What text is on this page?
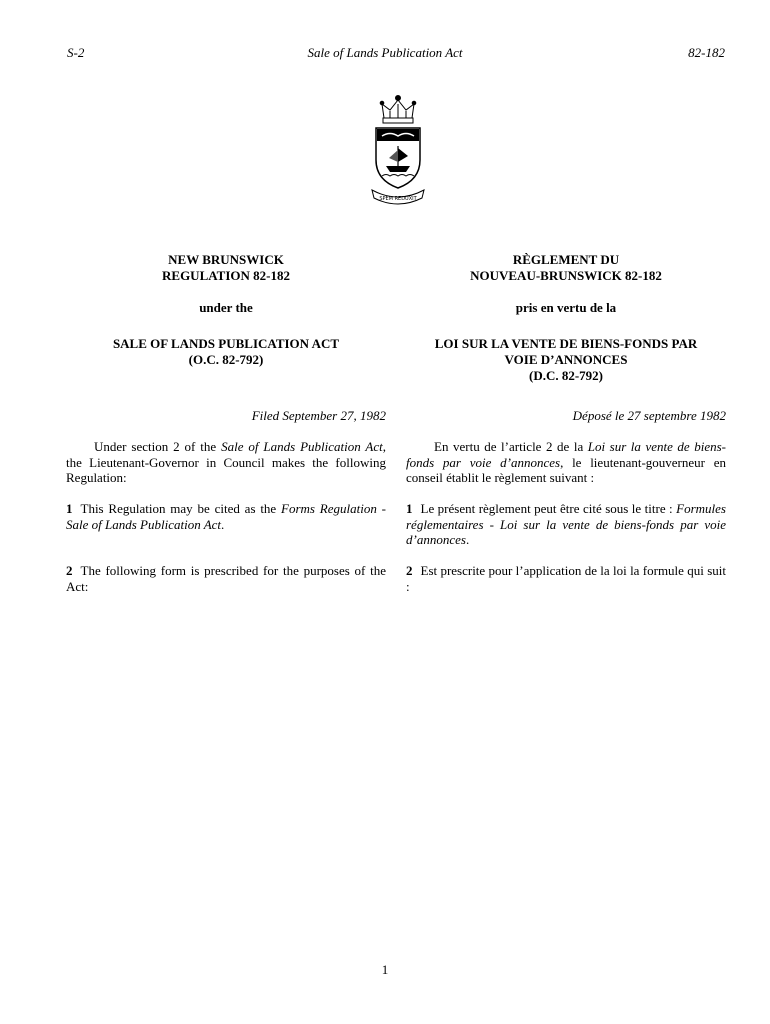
S-2	Sale of Lands Publication Act	82-182
SPEM REDUXIT
NEW BRUNSWICK
REGULATION 82-182
under the
SALE OF LANDS PUBLICATION ACT
(O.C. 82-792)
RÈGLEMENT DU
NOUVEAU-BRUNSWICK 82-182
pris en vertu de la
LOI SUR LA VENTE DE BIENS-FONDS PAR
VOIE D’ANNONCES
(D.C. 82-792)
Filed September 27, 1982	Déposé le 27 septembre 1982
Under section 2 of the Sale of Lands Publication Act, the Lieutenant-Governor in Council makes the following Regulation:
1 This Regulation may be cited as the Forms Regulation - Sale of Lands Publication Act.
2 The following form is prescribed for the purposes of the Act:
En vertu de l’article 2 de la Loi sur la vente de biens-fonds par voie d’annonces, le lieutenant-gouverneur en conseil établit le règlement suivant :
1 Le présent règlement peut être cité sous le titre : Formules réglementaires - Loi sur la vente de biens-fonds par voie d’annonces.
2 Est prescrite pour l’application de la loi la formule qui suit :
1
